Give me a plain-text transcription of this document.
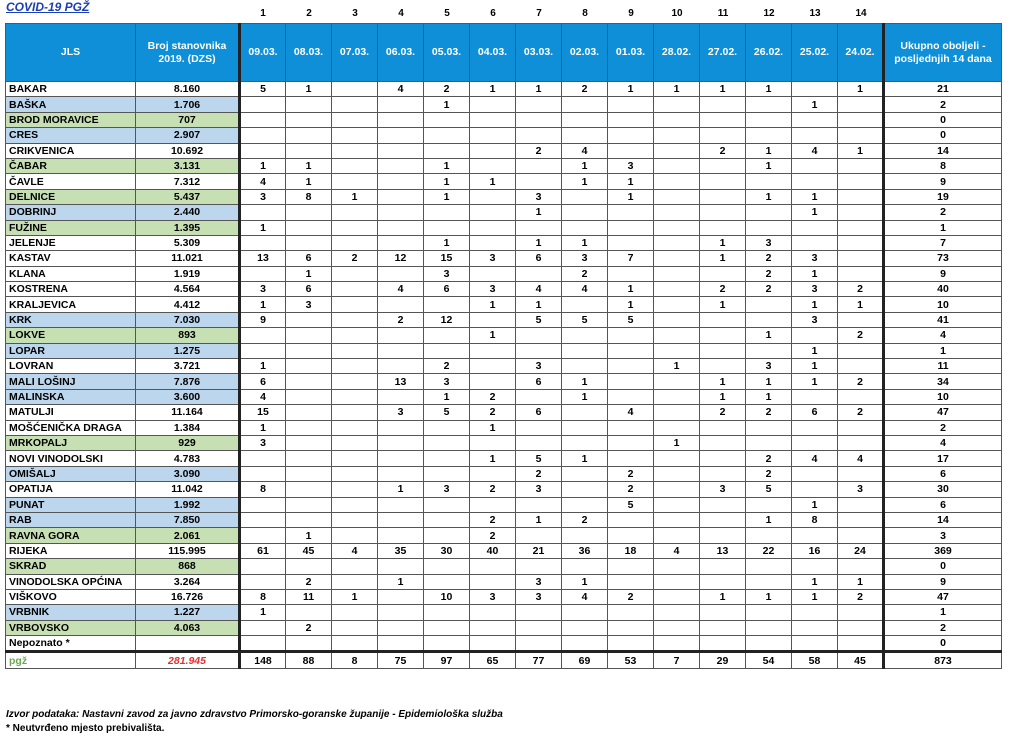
COVID-19 PGŽ	1	2	3	4	5	6	7	8	9	10	11	12	13	14
JLS	Broj stanovnika 2019. (DZS)	09.03.	08.03.	07.03.	06.03.	05.03.	04.03.	03.03.	02.03.	01.03.	28.02.	27.02.	26.02.	25.02.	24.02.	Ukupno oboljeli - posljednjih 14 dana
BAKAR	8.160	5	1		4	2	1	1	2	1	1	1	1		1	21
BAŠKA	1.706					1								1		2
BROD MORAVICE	707															0
CRES	2.907															0
CRIKVENICA	10.692							2	4			2	1	4	1	14
ČABAR	3.131	1	1			1			1	3			1			8
ČAVLE	7.312	4	1			1	1		1	1						9
DELNICE	5.437	3	8	1		1		3		1			1	1		19
DOBRINJ	2.440							1						1		2
FUŽINE	1.395	1														1
JELENJE	5.309					1		1	1			1	3			7
KASTAV	11.021	13	6	2	12	15	3	6	3	7		1	2	3		73
KLANA	1.919		1			3			2				2	1		9
KOSTRENA	4.564	3	6		4	6	3	4	4	1		2	2	3	2	40
KRALJEVICA	4.412	1	3				1	1		1		1		1	1	10
KRK	7.030	9			2	12		5	5	5				3		41
LOKVE	893						1						1		2	4
LOPAR	1.275													1		1
LOVRAN	3.721	1				2		3			1		3	1		11
MALI LOŠINJ	7.876	6			13	3		6	1			1	1	1	2	34
MALINSKA	3.600	4				1	2		1			1	1			10
MATULJI	11.164	15			3	5	2	6		4		2	2	6	2	47
MOŠĆENIČKA DRAGA	1.384	1					1									2
MRKOPALJ	929	3									1					4
NOVI VINODOLSKI	4.783						1	5	1				2	4	4	17
OMIŠALJ	3.090							2		2			2			6
OPATIJA	11.042	8			1	3	2	3		2		3	5		3	30
PUNAT	1.992									5				1		6
RAB	7.850						2	1	2				1	8		14
RAVNA GORA	2.061		1				2									3
RIJEKA	115.995	61	45	4	35	30	40	21	36	18	4	13	22	16	24	369
SKRAD	868															0
VINODOLSKA OPĆINA	3.264		2		1			3	1					1	1	9
VIŠKOVO	16.726	8	11	1		10	3	3	4	2		1	1	1	2	47
VRBNIK	1.227	1														1
VRBOVSKO	4.063		2													2
Nepoznato *																0
pgž	281.945	148	88	8	75	97	65	77	69	53	7	29	54	58	45	873
Izvor podataka: Nastavni zavod za javno zdravstvo Primorsko-goranske županije - Epidemiološka služba
* Neutvrđeno mjesto prebivališta.
